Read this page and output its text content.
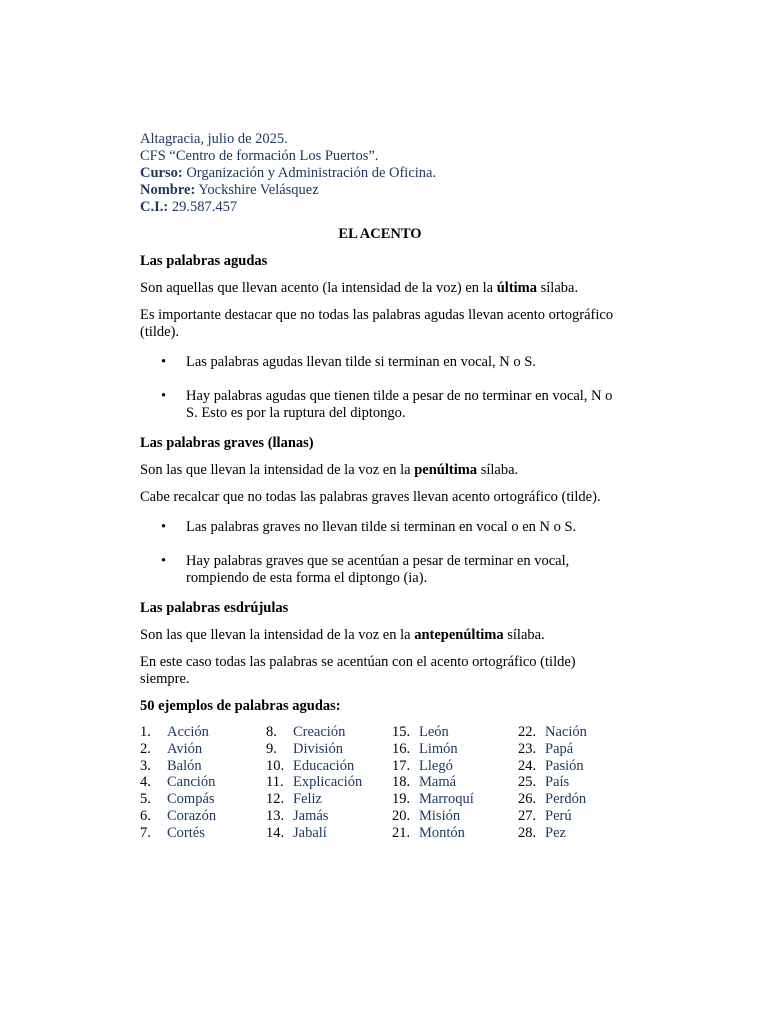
Altagracia, julio de 2025.
CFS “Centro de formación Los Puertos”.
Curso: Organización y Administración de Oficina.
Nombre: Yockshire Velásquez
C.I.: 29.587.457
EL ACENTO
Las palabras agudas

Son aquellas que llevan acento (la intensidad de la voz) en la última sílaba.

Es importante destacar que no todas las palabras agudas llevan acento ortográfico (tilde).

• Las palabras agudas llevan tilde si terminan en vocal, N o S.
• Hay palabras agudas que tienen tilde a pesar de no terminar en vocal, N o S. Esto es por la ruptura del diptongo.
Las palabras graves (llanas)

Son las que llevan la intensidad de la voz en la penúltima sílaba.

Cabe recalcar que no todas las palabras graves llevan acento ortográfico (tilde).

• Las palabras graves no llevan tilde si terminan en vocal o en N o S.
• Hay palabras graves que se acentúan a pesar de terminar en vocal, rompiendo de esta forma el diptongo (ia).
Las palabras esdrújulas

Son las que llevan la intensidad de la voz en la antepenúltima sílaba.

En este caso todas las palabras se acentúan con el acento ortográfico (tilde) siempre.

50 ejemplos de palabras agudas:
1.	Acción
2.	Avión
3.	Balón
4.	Canción
5.	Compás
6.	Corazón
7.	Cortés
8.	Creación
9.	División
10. Educación
11. Explicación
12. Feliz
13. Jamás
14. Jabalí
15. León
16. Limón
17. Llegó
18. Mamá
19. Marroquí
20. Misión
21. Montón
22. Nación
23. Papá
24. Pasión
25. País
26. Perdón
27. Perú
28. Pez
